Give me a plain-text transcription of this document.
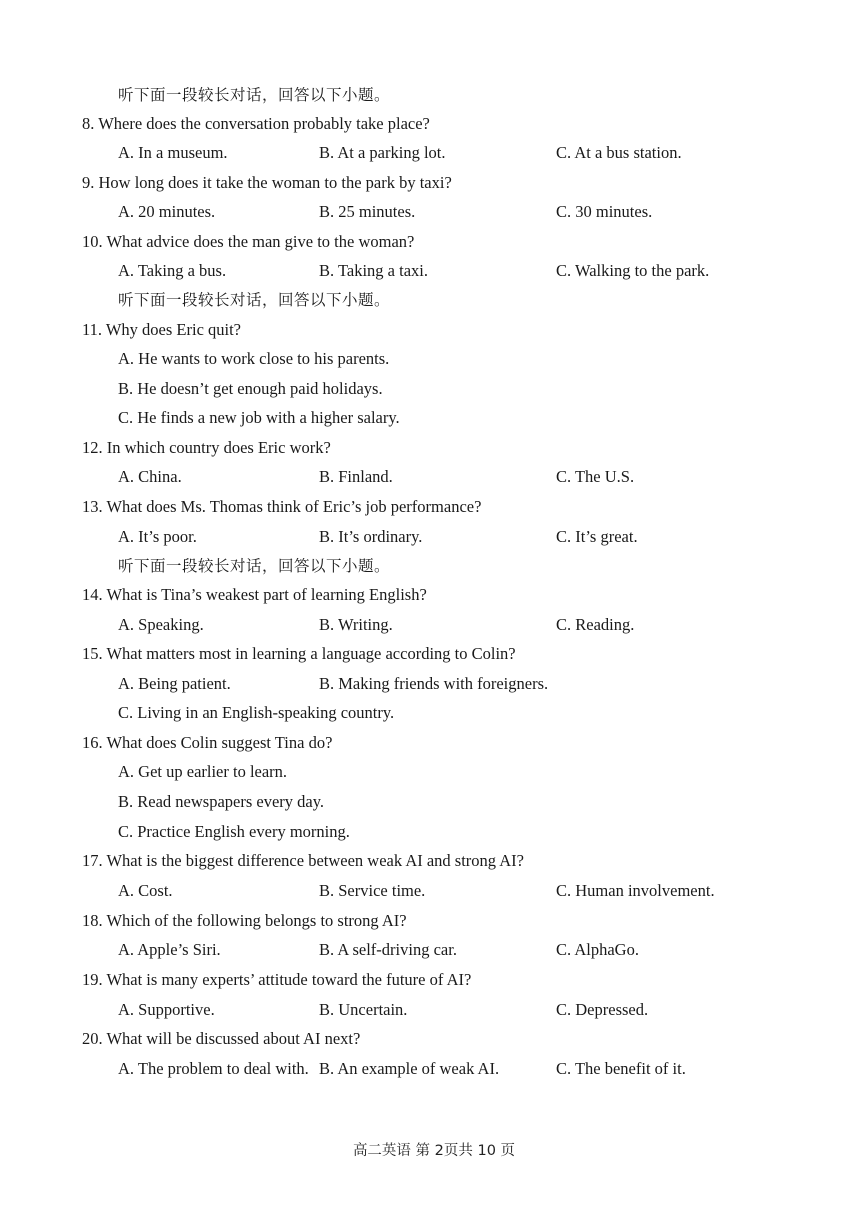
听下面一段较长对话，回答以下小题。
8. Where does the conversation probably take place?
A. In a museum.	B. At a parking lot.	C. At a bus station.
9. How long does it take the woman to the park by taxi?
A. 20 minutes.	B. 25 minutes.	C. 30 minutes.
10. What advice does the man give to the woman?
A. Taking a bus.	B. Taking a taxi.	C. Walking to the park.
听下面一段较长对话，回答以下小题。
11. Why does Eric quit?
A. He wants to work close to his parents.
B. He doesn’t get enough paid holidays.
C. He finds a new job with a higher salary.
12. In which country does Eric work?
A. China.	B. Finland.	C. The U.S.
13. What does Ms. Thomas think of Eric’s job performance?
A. It’s poor.	B. It’s ordinary.	C. It’s great.
听下面一段较长对话，回答以下小题。
14. What is Tina’s weakest part of learning English?
A. Speaking.	B. Writing.	C. Reading.
15. What matters most in learning a language according to Colin?
A. Being patient.	B. Making friends with foreigners.
C. Living in an English-speaking country.
16. What does Colin suggest Tina do?
A. Get up earlier to learn.
B. Read newspapers every day.
C. Practice English every morning.
17. What is the biggest difference between weak AI and strong AI?
A. Cost.	B. Service time.	C. Human involvement.
18. Which of the following belongs to strong AI?
A. Apple’s Siri.	B. A self-driving car.	C. AlphaGo.
19. What is many experts’ attitude toward the future of AI?
A. Supportive.	B. Uncertain.	C. Depressed.
20. What will be discussed about AI next?
A. The problem to deal with. B. An example of weak AI.	C. The benefit of it.
高二英语 第 2页共 10 页
